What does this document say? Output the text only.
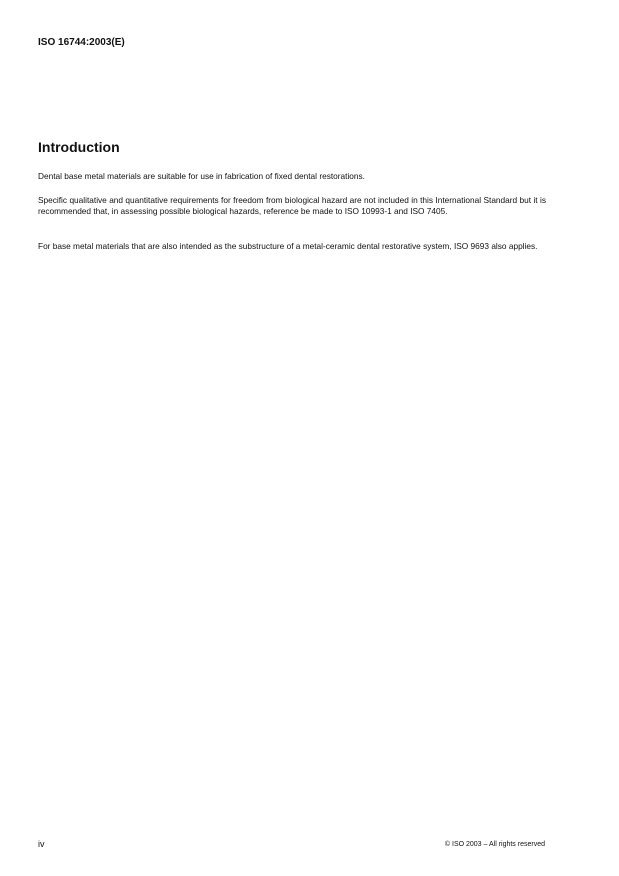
ISO 16744:2003(E)
Introduction

Dental base metal materials are suitable for use in fabrication of fixed dental restorations.

Specific qualitative and quantitative requirements for freedom from biological hazard are not included in this International Standard but it is recommended that, in assessing possible biological hazards, reference be made to ISO 10993-1 and ISO 7405.

For base metal materials that are also intended as the substructure of a metal-ceramic dental restorative system, ISO 9693 also applies.

iv	© ISO 2003 – All rights reserved
